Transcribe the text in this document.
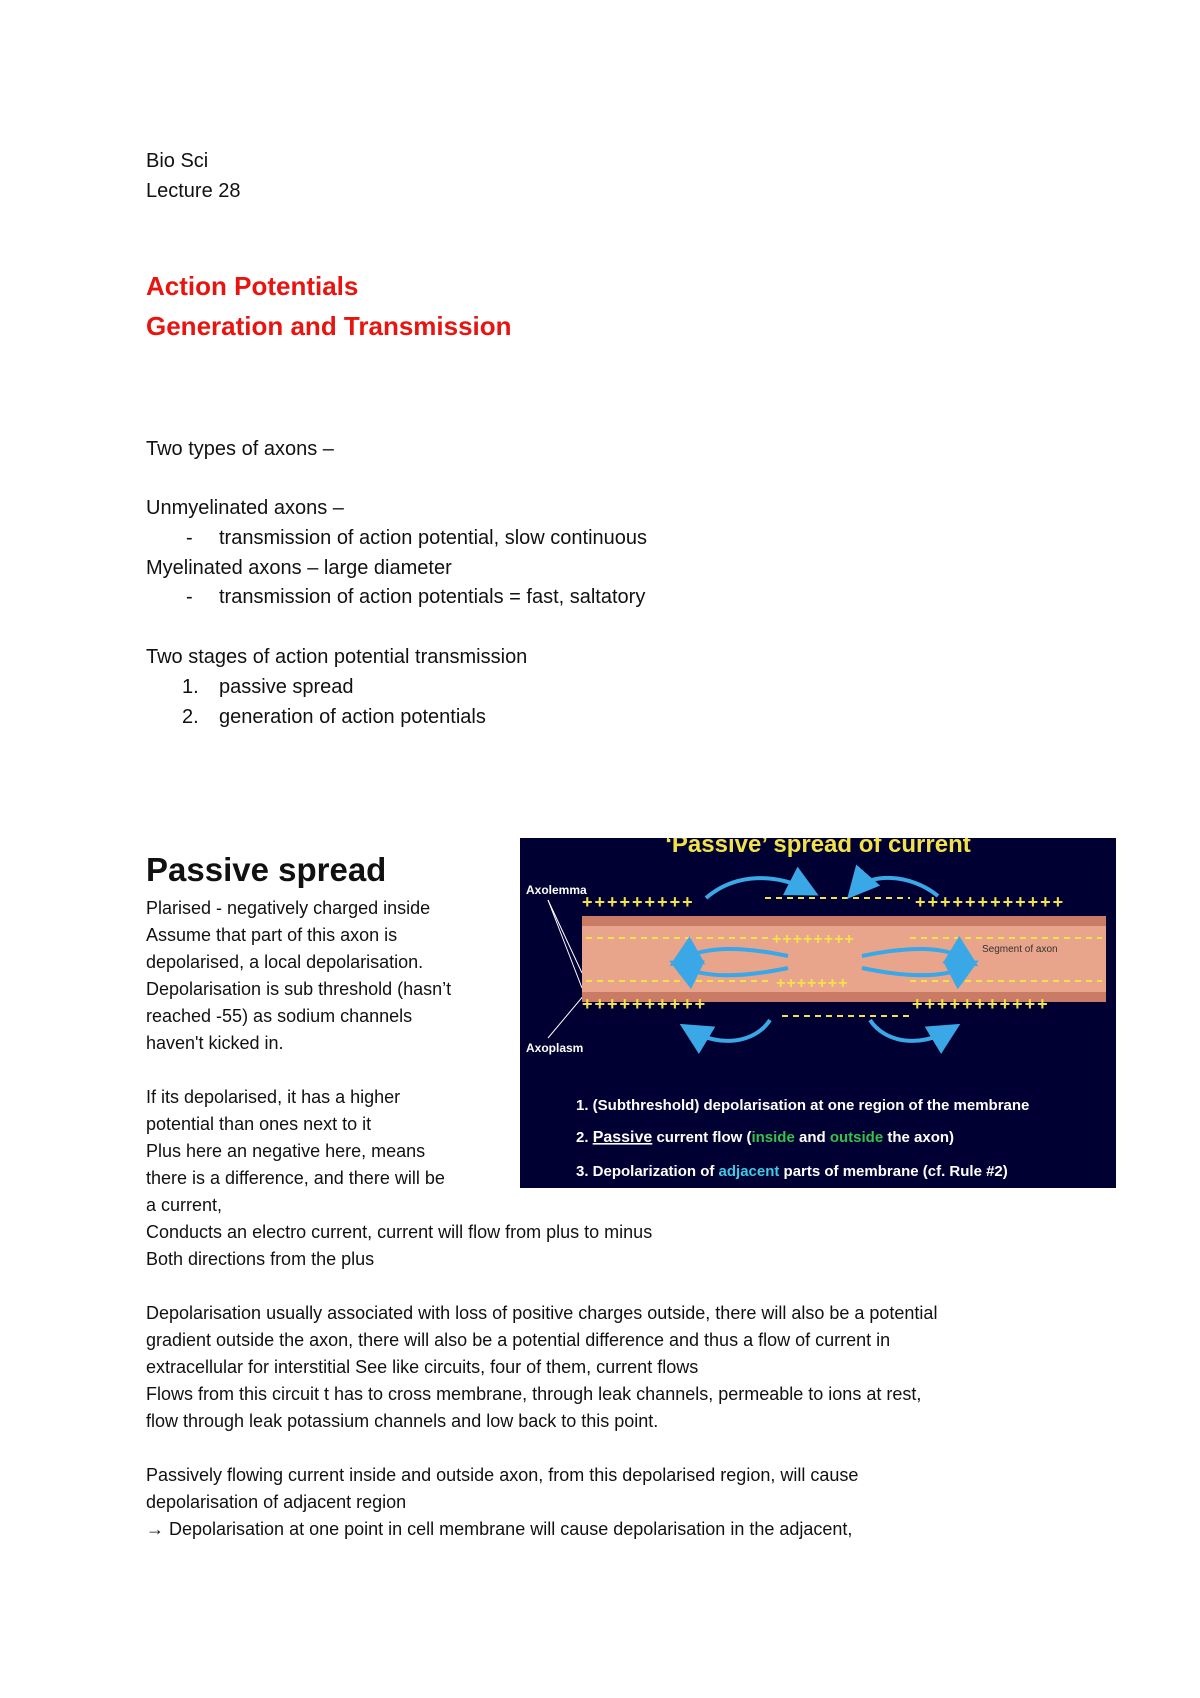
Bio Sci
Lecture 28
Action Potentials
Generation and Transmission
Two types of axons –
Unmyelinated axons –
- transmission of action potential, slow continuous
Myelinated axons – large diameter
- transmission of action potentials = fast, saltatory
Two stages of action potential transmission
1. passive spread
2. generation of action potentials
Passive spread
Plarised - negatively charged inside
Assume that part of this axon is
depolarised, a local depolarisation.
Depolarisation is sub threshold (hasn’t
reached -55) as sodium channels
haven't kicked in.
If its depolarised, it has a higher
potential than ones next to it
Plus here an negative here, means
there is a difference, and there will be
a current,
Conducts an electro current, current will flow from plus to minus
Both directions from the plus
Depolarisation usually associated with loss of positive charges outside, there will also be a potential
gradient outside the axon, there will also be a potential difference and thus a flow of current in
extracellular for interstitial See like circuits, four of them, current flows
Flows from this circuit t has to cross membrane, through leak channels, permeable to ions at rest,
flow through leak potassium channels and low back to this point.
Passively flowing current inside and outside axon, from this depolarised region, will cause
depolarisation of adjacent region
→ Depolarisation at one point in cell membrane will cause depolarisation in the adjacent,
‘Passive’ spread of current
Axolemma
Axoplasm
+++++++++	++++++++++++
++++++++
+++++++
Segment of axon
++++++++++	+++++++++++
1. (Subthreshold) depolarisation at one region of the membrane
2. Passive current flow (inside and outside the axon)
3. Depolarization of adjacent parts of membrane (cf. Rule #2)
